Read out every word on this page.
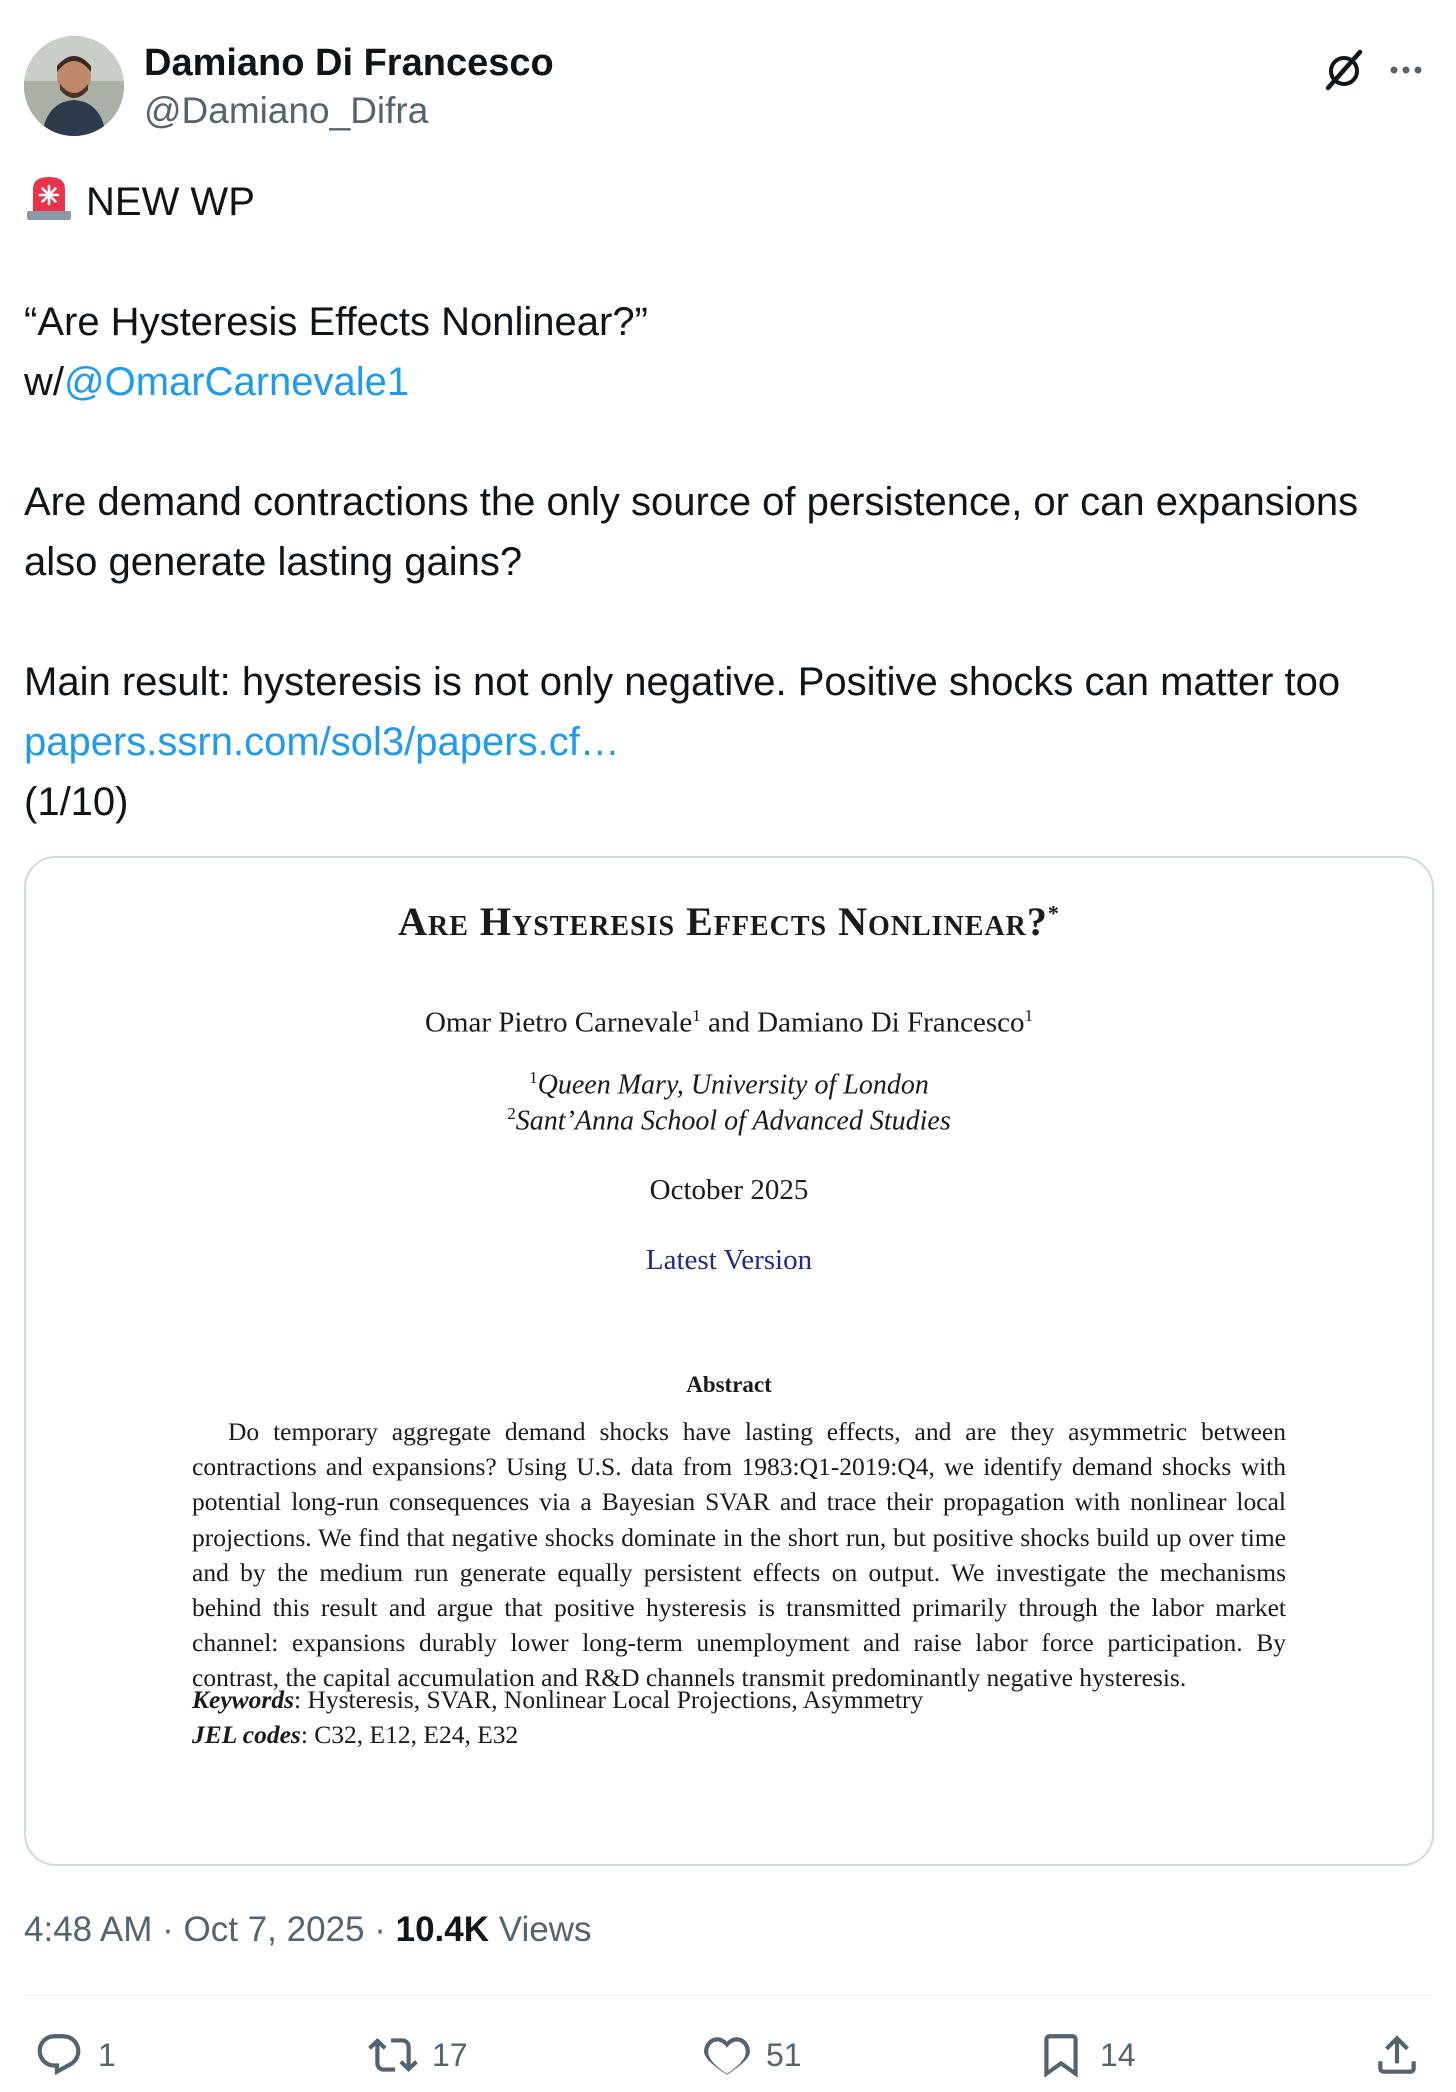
Damiano Di Francesco
@Damiano_Difra
NEW WP
“Are Hysteresis Effects Nonlinear?”
w/@OmarCarnevale1
Are demand contractions the only source of persistence, or can expansions
also generate lasting gains?
Main result: hysteresis is not only negative. Positive shocks can matter too
papers.ssrn.com/sol3/papers.cf…
(1/10)
Are Hysteresis Effects Nonlinear?*
Omar Pietro Carnevale$^1$ and Damiano Di Francesco$^1$
$^1$Queen Mary, University of London
$^2$Sant’Anna School of Advanced Studies
October 2025
Latest Version
Abstract
Do temporary aggregate demand shocks have lasting effects, and are they asymmetric between contractions and expansions? Using U.S. data from 1983:Q1-2019:Q4, we identify demand shocks with potential long-run consequences via a Bayesian SVAR and trace their propagation with nonlinear local projections. We find that negative shocks dominate in the short run, but positive shocks build up over time and by the medium run generate equally persistent effects on output. We investigate the mechanisms behind this result and argue that positive hysteresis is transmitted primarily through the labor market channel: expansions durably lower long-term unemployment and raise labor force participation. By contrast, the capital accumulation and R&D channels transmit predominantly negative hysteresis.
Keywords: Hysteresis, SVAR, Nonlinear Local Projections, Asymmetry
JEL codes: C32, E12, E24, E32
4:48 AM · Oct 7, 2025 · 10.4K Views
1	17	51	14
